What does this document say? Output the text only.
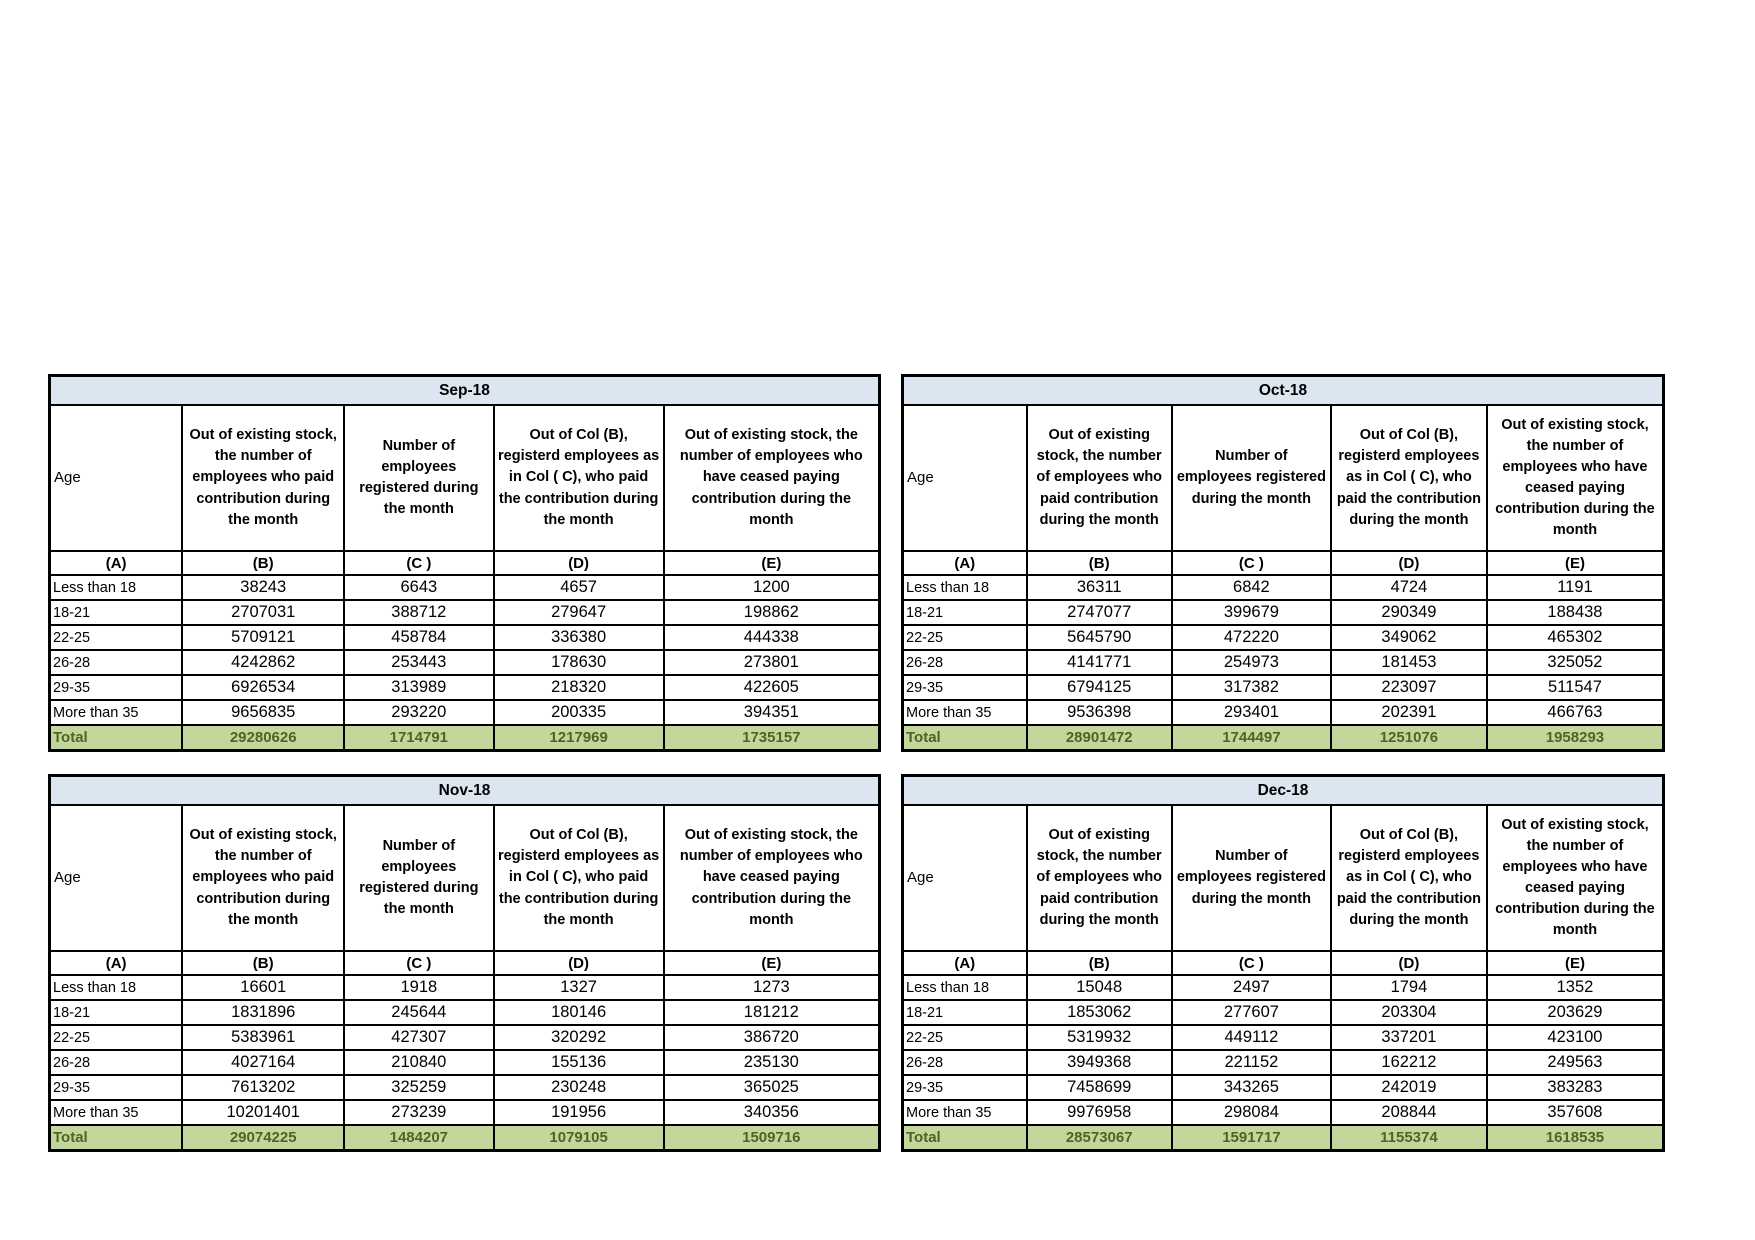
Sep-18				
Age	Out of existing stock, the number of employees who paid contribution during the month	Number of employees registered during the month	Out of Col (B), registerd employees as in Col ( C), who paid the contribution during the month	Out of existing stock, the number of employees who have ceased paying contribution during the month
(A)	(B)	(C )	(D)	(E)
Less than 18	38243	6643	4657	1200
18-21	2707031	388712	279647	198862
22-25	5709121	458784	336380	444338
26-28	4242862	253443	178630	273801
29-35	6926534	313989	218320	422605
More than 35	9656835	293220	200335	394351
Total	29280626	1714791	1217969	1735157
Oct-18				
Age	Out of existing stock, the number of employees who paid contribution during the month	Number of employees registered during the month	Out of Col (B), registerd employees as in Col ( C), who paid the contribution during the month	Out of existing stock, the number of employees who have ceased paying contribution during the month
(A)	(B)	(C )	(D)	(E)
Less than 18	36311	6842	4724	1191
18-21	2747077	399679	290349	188438
22-25	5645790	472220	349062	465302
26-28	4141771	254973	181453	325052
29-35	6794125	317382	223097	511547
More than 35	9536398	293401	202391	466763
Total	28901472	1744497	1251076	1958293
Nov-18				
Age	Out of existing stock, the number of employees who paid contribution during the month	Number of employees registered during the month	Out of Col (B), registerd employees as in Col ( C), who paid the contribution during the month	Out of existing stock, the number of employees who have ceased paying contribution during the month
(A)	(B)	(C )	(D)	(E)
Less than 18	16601	1918	1327	1273
18-21	1831896	245644	180146	181212
22-25	5383961	427307	320292	386720
26-28	4027164	210840	155136	235130
29-35	7613202	325259	230248	365025
More than 35	10201401	273239	191956	340356
Total	29074225	1484207	1079105	1509716
Dec-18				
Age	Out of existing stock, the number of employees who paid contribution during the month	Number of employees registered during the month	Out of Col (B), registerd employees as in Col ( C), who paid the contribution during the month	Out of existing stock, the number of employees who have ceased paying contribution during the month
(A)	(B)	(C )	(D)	(E)
Less than 18	15048	2497	1794	1352
18-21	1853062	277607	203304	203629
22-25	5319932	449112	337201	423100
26-28	3949368	221152	162212	249563
29-35	7458699	343265	242019	383283
More than 35	9976958	298084	208844	357608
Total	28573067	1591717	1155374	1618535
